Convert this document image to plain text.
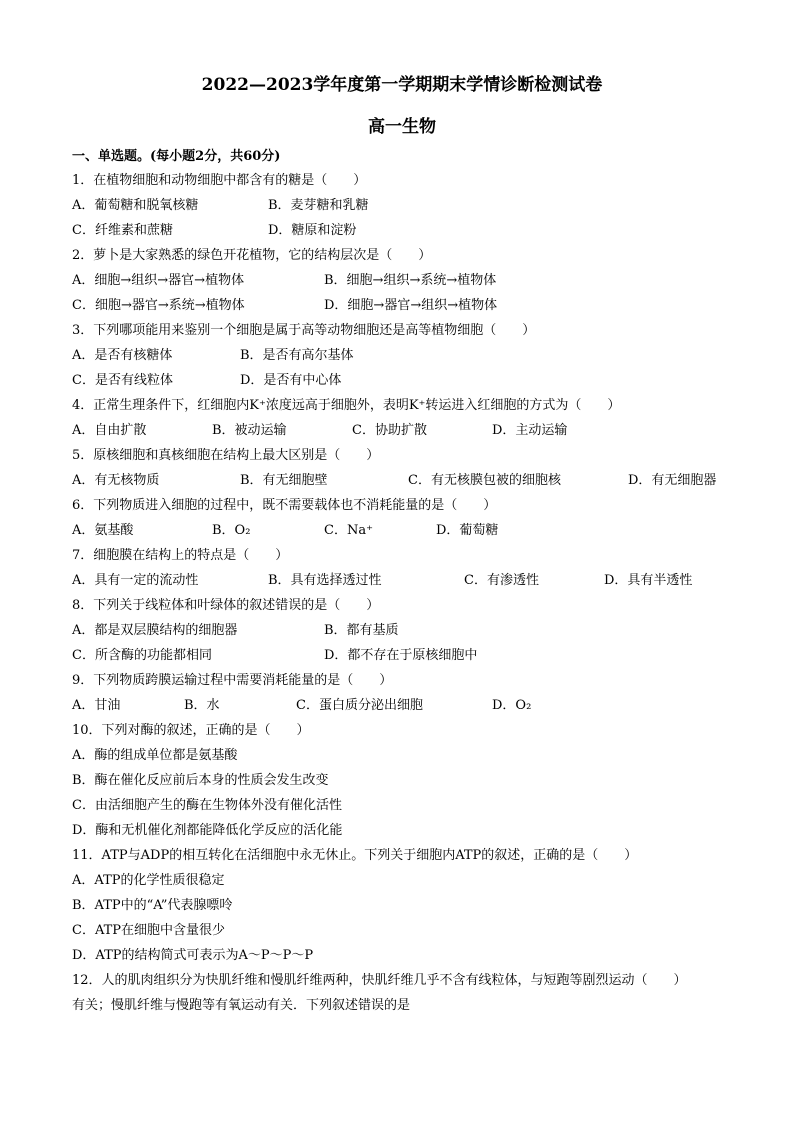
2022—2023学年度第一学期期末学情诊断检测试卷
高一生物
一、单选题。(每小题2分，共60分)
1．在植物细胞和动物细胞中都含有的糖是（　　）
A．葡萄糖和脱氧核糖	B．麦芽糖和乳糖
C．纤维素和蔗糖	D．糖原和淀粉
2．萝卜是大家熟悉的绿色开花植物，它的结构层次是（　　）
A．细胞→组织→器官→植物体	B．细胞→组织→系统→植物体
C．细胞→器官→系统→植物体	D．细胞→器官→组织→植物体
3．下列哪项能用来鉴别一个细胞是属于高等动物细胞还是高等植物细胞（　　）
A．是否有核糖体	B．是否有高尔基体
C．是否有线粒体	D．是否有中心体
4．正常生理条件下，红细胞内K⁺浓度远高于细胞外，表明K⁺转运进入红细胞的方式为（　　）
A．自由扩散	B．被动运输	C．协助扩散	D．主动运输
5．原核细胞和真核细胞在结构上最大区别是（　　）
A．有无核物质	B．有无细胞壁	C．有无核膜包被的细胞核	D．有无细胞器
6．下列物质进入细胞的过程中，既不需要载体也不消耗能量的是（　　）
A．氨基酸	B．O₂	C．Na⁺	D．葡萄糖
7．细胞膜在结构上的特点是（　　）
A．具有一定的流动性	B．具有选择透过性	C．有渗透性	D．具有半透性
8．下列关于线粒体和叶绿体的叙述错误的是（　　）
A．都是双层膜结构的细胞器	B．都有基质
C．所含酶的功能都相同	D．都不存在于原核细胞中
9．下列物质跨膜运输过程中需要消耗能量的是（　　）
A．甘油	B．水	C．蛋白质分泌出细胞	D．O₂
10．下列对酶的叙述，正确的是（　　）
A．酶的组成单位都是氨基酸
B．酶在催化反应前后本身的性质会发生改变
C．由活细胞产生的酶在生物体外没有催化活性
D．酶和无机催化剂都能降低化学反应的活化能
11．ATP与ADP的相互转化在活细胞中永无休止。下列关于细胞内ATP的叙述，正确的是（　　）
A．ATP的化学性质很稳定
B．ATP中的“A”代表腺嘌呤
C．ATP在细胞中含量很少
D．ATP的结构简式可表示为A～P～P～P
12．人的肌肉组织分为快肌纤维和慢肌纤维两种，快肌纤维几乎不含有线粒体，与短跑等剧烈运动（　　）
有关；慢肌纤维与慢跑等有氧运动有关．下列叙述错误的是
